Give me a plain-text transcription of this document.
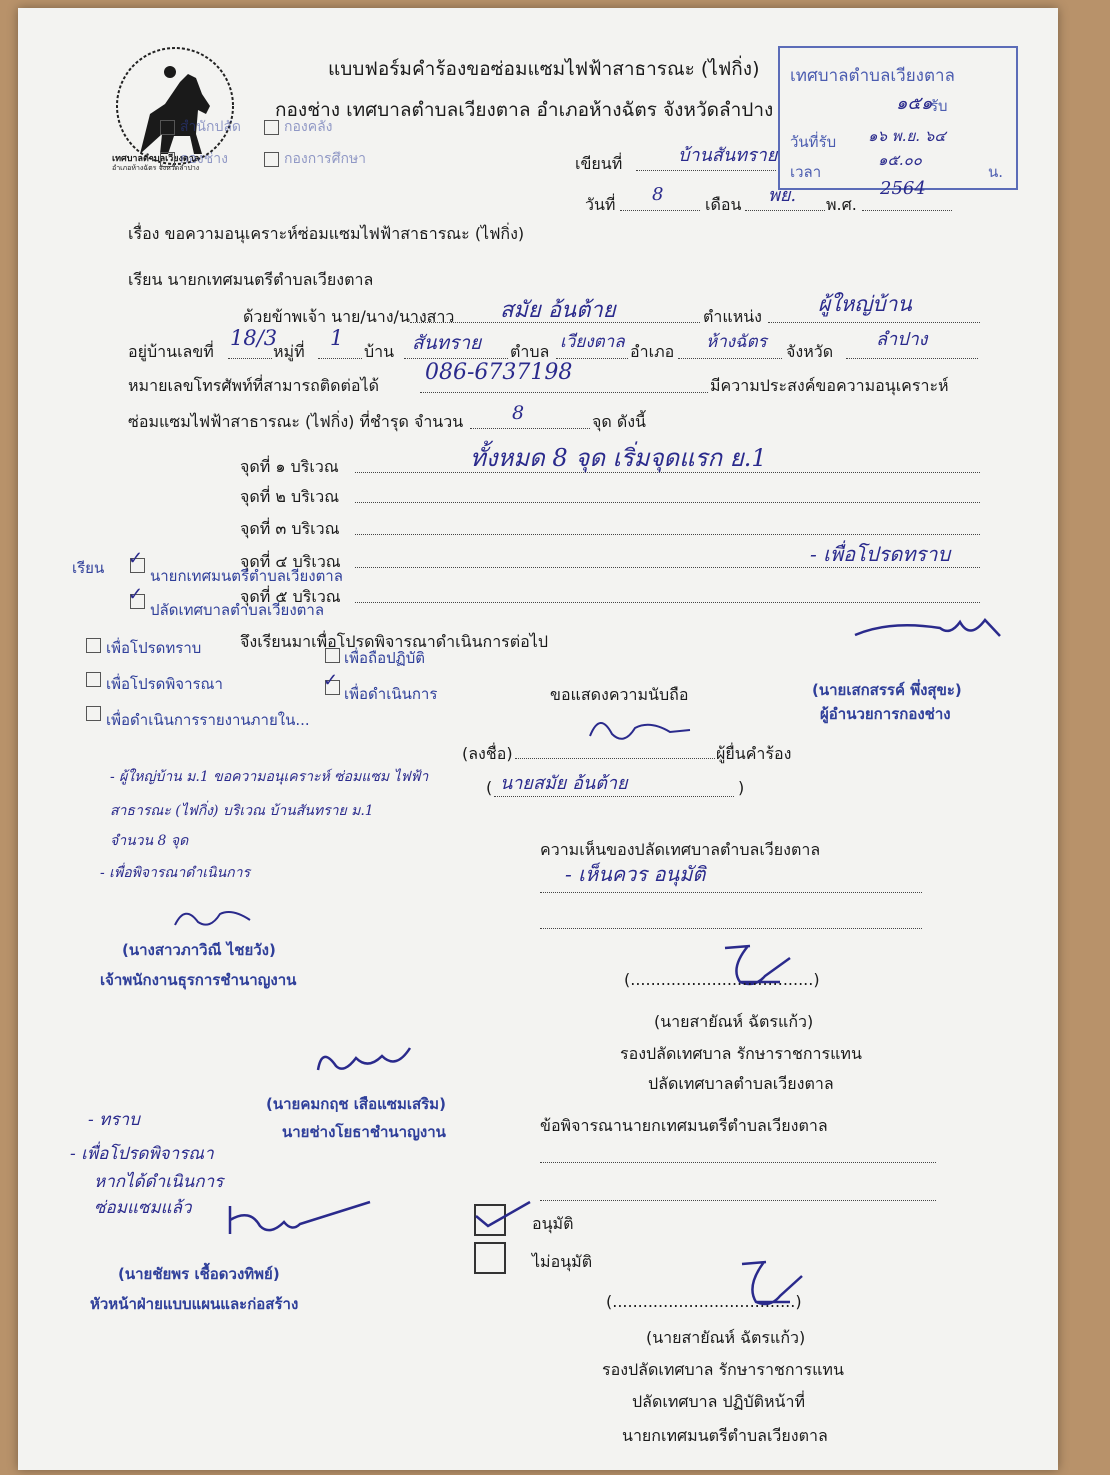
เทศบาลตำบลเวียงตาล
อำเภอห้างฉัตร จังหวัดลำปาง
แบบฟอร์มคำร้องขอซ่อมแซมไฟฟ้าสาธารณะ (ไฟกิ่ง)
กองช่าง เทศบาลตำบลเวียงตาล อำเภอห้างฉัตร จังหวัดลำปาง
สำนักปลัด	กองคลัง
กองช่าง	กองการศึกษา
เทศบาลตำบลเวียงตาล
รับ
วันที่รับ
เวลา	น.
๑๕๑
๑๖ พ.ย. ๖๔
๑๕.๐๐
เขียนที่	บ้านสันทราย
วันที่ 8	เดือน พย. พ.ศ.
2564
เรื่อง ขอความอนุเคราะห์ซ่อมแซมไฟฟ้าสาธารณะ (ไฟกิ่ง)
เรียน นายกเทศมนตรีตำบลเวียงตาล
ด้วยข้าพเจ้า นาย/นาง/นางสาว สมัย อ้นต้าย	ตำแหน่ง
ผู้ใหญ่บ้าน
อยู่บ้านเลขที่
18/3
หมู่ที่
1
บ้าน สันทราย ตำบล เวียงตาล อำเภอ ห้างฉัตร จังหวัด
ลำปาง
หมายเลขโทรศัพท์ที่สามารถติดต่อได้
086-6737198
มีความประสงค์ขอความอนุเคราะห์
ซ่อมแซมไฟฟ้าสาธารณะ (ไฟกิ่ง) ที่ชำรุด จำนวน	8	จุด ดังนี้
จุดที่ ๑ บริเวณ	ทั้งหมด 8 จุด เริ่มจุดแรก ย.1
จุดที่ ๒ บริเวณ
จุดที่ ๓ บริเวณ
จุดที่ ๔ บริเวณ
จุดที่ ๕ บริเวณ
จึงเรียนมาเพื่อโปรดพิจารณาดำเนินการต่อไป
เรียน ✓
นายกเทศมนตรีตำบลเวียงตาล
✓
ปลัดเทศบาลตำบลเวียงตาล
เพื่อโปรดทราบ
เพื่อโปรดพิจารณา
เพื่อดำเนินการรายงานภายใน...
เพื่อถือปฏิบัติ
✓
เพื่อดำเนินการ
- เพื่อโปรดทราบ
(นายเสกสรรค์ พึ่งสุขะ)
ผู้อำนวยการกองช่าง
ขอแสดงความนับถือ
(ลงชื่อ)	ผู้ยื่นคำร้อง
( นายสมัย อ้นต้าย	)
- ผู้ใหญ่บ้าน ม.1 ขอความอนุเคราะห์ ซ่อมแซม ไฟฟ้า
สาธารณะ (ไฟกิ่ง) บริเวณ บ้านสันทราย ม.1
จำนวน 8 จุด
- เพื่อพิจารณาดำเนินการ
(นางสาวภาวิณี ไชยวัง)
เจ้าพนักงานธุรการชำนาญงาน
ความเห็นของปลัดเทศบาลตำบลเวียงตาล
- เห็นควร อนุมัติ
(....................................)
(นายสายัณห์ ฉัตรแก้ว)
รองปลัดเทศบาล รักษาราชการแทน
ปลัดเทศบาลตำบลเวียงตาล
(นายคมกฤช เสือแซมเสริม)
นายช่างโยธาชำนาญงาน	ข้อพิจารณานายกเทศมนตรีตำบลเวียงตาล
อนุมัติ
ไม่อนุมัติ
- ทราบ
- เพื่อโปรดพิจารณา
หากได้ดำเนินการ
ซ่อมแซมแล้ว
(นายชัยพร เชื้อดวงทิพย์)
หัวหน้าฝ่ายแบบแผนและก่อสร้าง	(....................................)
(นายสายัณห์ ฉัตรแก้ว)
รองปลัดเทศบาล รักษาราชการแทน
ปลัดเทศบาล ปฏิบัติหน้าที่
นายกเทศมนตรีตำบลเวียงตาล
